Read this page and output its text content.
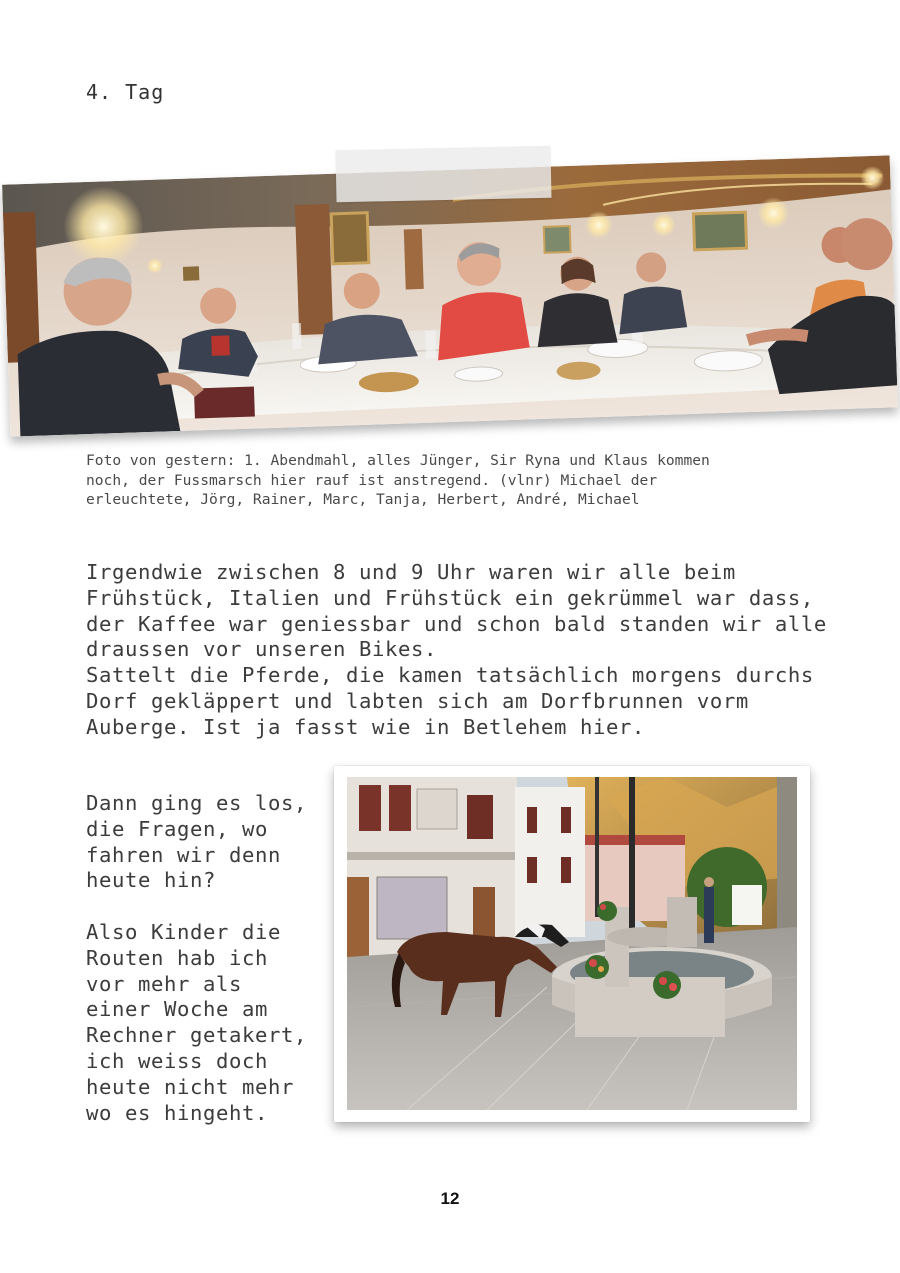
4. Tag
Foto von gestern: 1. Abendmahl, alles Jünger, Sir Ryna und Klaus kommen
noch, der Fussmarsch hier rauf ist anstregend. (vlnr) Michael der
erleuchtete, Jörg, Rainer, Marc, Tanja, Herbert, André, Michael
Irgendwie zwischen 8 und 9 Uhr waren wir alle beim
Frühstück, Italien und Frühstück ein gekrümmel war dass,
der Kaffee war geniessbar und schon bald standen wir alle
draussen vor unseren Bikes.
Sattelt die Pferde, die kamen tatsächlich morgens durchs
Dorf gekläppert und labten sich am Dorfbrunnen vorm
Auberge. Ist ja fasst wie in Betlehem hier.
Dann ging es los,
die Fragen, wo
fahren wir denn
heute hin?

Also Kinder die
Routen hab ich
vor mehr als
einer Woche am
Rechner getakert,
ich weiss doch
heute nicht mehr
wo es hingeht.
12
